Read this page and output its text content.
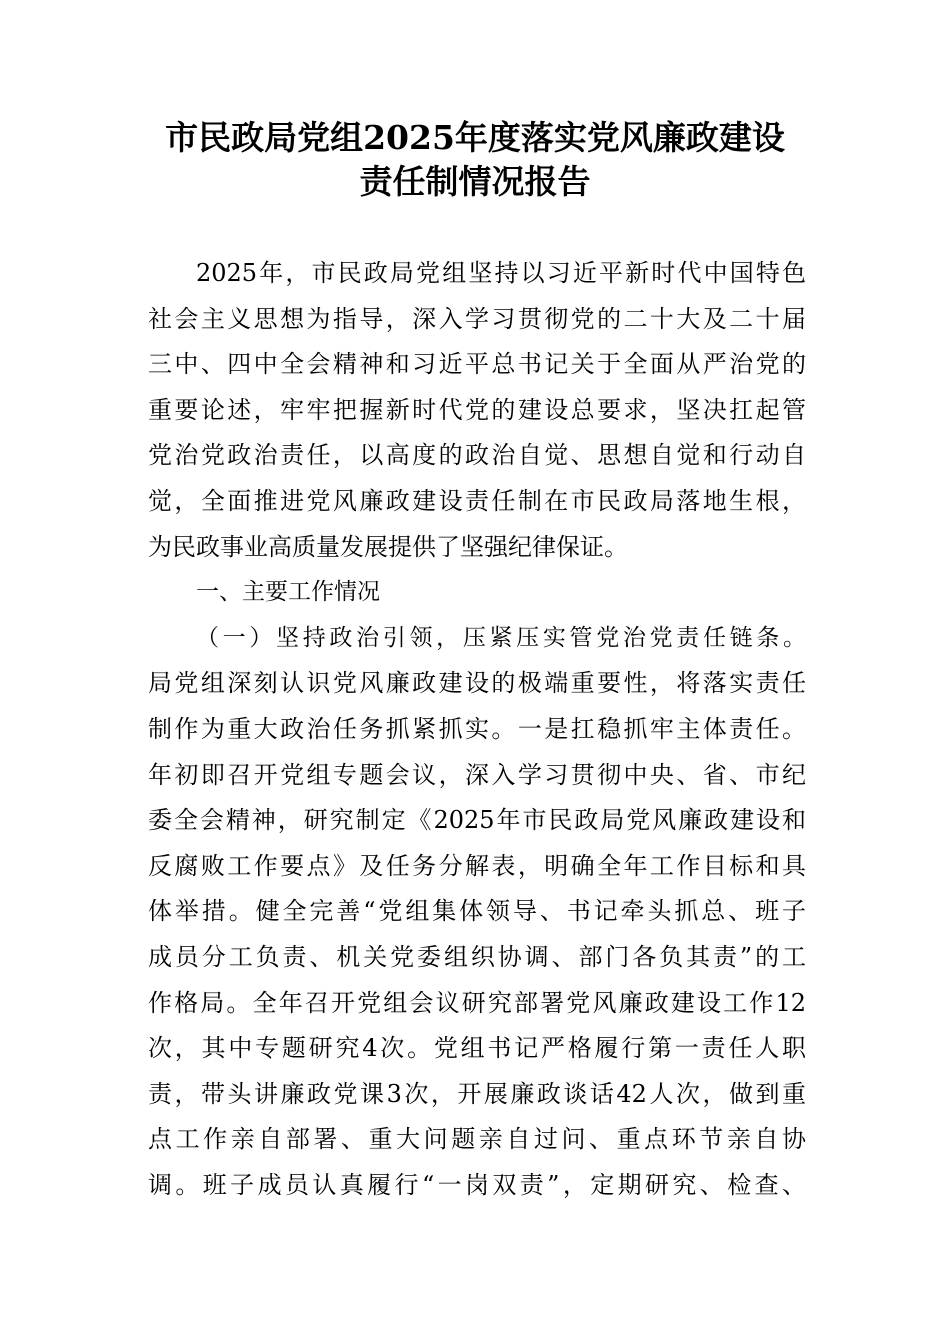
市民政局党组2025年度落实党风廉政建设
责任制情况报告
2025年，市民政局党组坚持以习近平新时代中国特色
社会主义思想为指导，深入学习贯彻党的二十大及二十届
三中、四中全会精神和习近平总书记关于全面从严治党的
重要论述，牢牢把握新时代党的建设总要求，坚决扛起管
党治党政治责任，以高度的政治自觉、思想自觉和行动自
觉，全面推进党风廉政建设责任制在市民政局落地生根，
为民政事业高质量发展提供了坚强纪律保证。
一、主要工作情况
（一）坚持政治引领，压紧压实管党治党责任链条。
局党组深刻认识党风廉政建设的极端重要性，将落实责任
制作为重大政治任务抓紧抓实。一是扛稳抓牢主体责任。
年初即召开党组专题会议，深入学习贯彻中央、省、市纪
委全会精神，研究制定《2025年市民政局党风廉政建设和
反腐败工作要点》及任务分解表，明确全年工作目标和具
体举措。健全完善“党组集体领导、书记牵头抓总、班子
成员分工负责、机关党委组织协调、部门各负其责”的工
作格局。全年召开党组会议研究部署党风廉政建设工作12
次，其中专题研究4次。党组书记严格履行第一责任人职
责，带头讲廉政党课3次，开展廉政谈话42人次，做到重
点工作亲自部署、重大问题亲自过问、重点环节亲自协
调。班子成员认真履行“一岗双责”，定期研究、检查、
